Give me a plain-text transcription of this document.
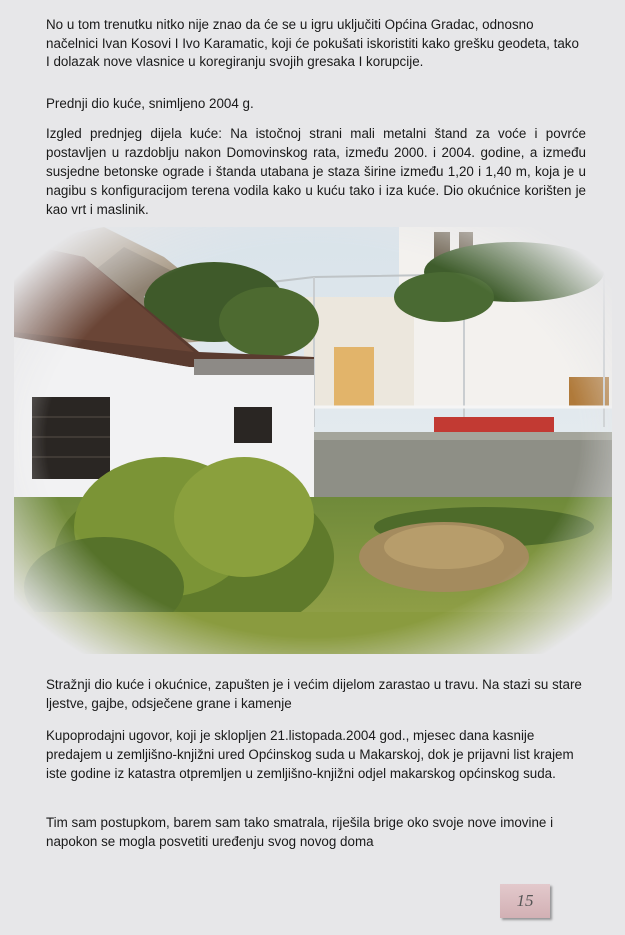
No u tom trenutku nitko nije znao da će se u igru uključiti Općina Gradac, odnosno načelnici Ivan Kosovi I Ivo Karamatic, koji će pokušati iskoristiti kako grešku geodeta, tako I dolazak nove vlasnice u koregiranju svojih gresaka I korupcije.

Prednji dio kuće, snimljeno 2004 g.

Izgled prednjeg dijela kuće: Na istočnoj strani mali metalni štand za voće i povrće postavljen u razdoblju nakon Domovinskog rata, između 2000. i 2004. godine, a između susjedne betonske ograde i štanda utabana je staza širine između 1,20 i 1,40 m, koja je u nagibu s konfiguracijom terena vodila kako u kuću tako i iza kuće. Dio okućnice korišten je kao vrt i maslinik.

Stražnji dio kuće i okućnice, zapušten je i većim dijelom zarastao u travu. Na stazi su stare ljestve, gajbe, odsječene grane i kamenje

Kupoprodajni ugovor, koji je sklopljen 21.listopada.2004 god., mjesec dana kasnije predajem u zemljišno-knjižni ured Općinskog suda u Makarskoj, dok je prijavni list krajem iste godine iz katastra otpremljen u zemljišno-knjižni odjel makarskog općinskog suda.

Tim sam postupkom, barem sam tako smatrala, riješila brige oko svoje nove imovine i napokon se mogla posvetiti uređenju svog novog doma

15
